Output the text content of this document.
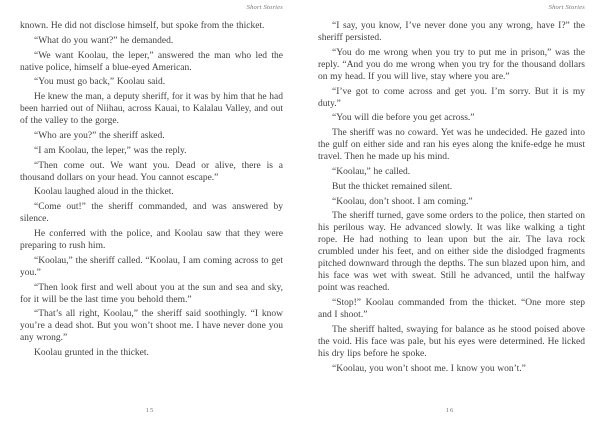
Short Stories

known. He did not disclose himself, but spoke from the thicket.

“What do you want?” he demanded.

“We want Koolau, the leper,” answered the man who led the native police, himself a blue-eyed American.

“You must go back,” Koolau said.

He knew the man, a deputy sheriff, for it was by him that he had been harried out of Niihau, across Kauai, to Kalalau Valley, and out of the valley to the gorge.

“Who are you?” the sheriff asked.

“I am Koolau, the leper,” was the reply.

“Then come out. We want you. Dead or alive, there is a thousand dollars on your head. You cannot escape.”

Koolau laughed aloud in the thicket.

“Come out!” the sheriff commanded, and was answered by silence.

He conferred with the police, and Koolau saw that they were preparing to rush him.

“Koolau,” the sheriff called. “Koolau, I am coming across to get you.”

“Then look first and well about you at the sun and sea and sky, for it will be the last time you behold them.”

“That’s all right, Koolau,” the sheriff said soothingly. “I know you’re a dead shot. But you won’t shoot me. I have never done you any wrong.”

Koolau grunted in the thicket.

15
Short Stories

“I say, you know, I’ve never done you any wrong, have I?” the sheriff persisted.

“You do me wrong when you try to put me in prison,” was the reply. “And you do me wrong when you try for the thousand dollars on my head. If you will live, stay where you are.”

“I’ve got to come across and get you. I’m sorry. But it is my duty.”

“You will die before you get across.”

The sheriff was no coward. Yet was he undecided. He gazed into the gulf on either side and ran his eyes along the knife-edge he must travel. Then he made up his mind.

“Koolau,” he called.

But the thicket remained silent.

“Koolau, don’t shoot. I am coming.”

The sheriff turned, gave some orders to the police, then started on his perilous way. He advanced slowly. It was like walking a tight rope. He had nothing to lean upon but the air. The lava rock crumbled under his feet, and on either side the dislodged fragments pitched downward through the depths. The sun blazed upon him, and his face was wet with sweat. Still he advanced, until the halfway point was reached.

“Stop!” Koolau commanded from the thicket. “One more step and I shoot.”

The sheriff halted, swaying for balance as he stood poised above the void. His face was pale, but his eyes were determined. He licked his dry lips before he spoke.

“Koolau, you won’t shoot me. I know you won’t.”

16
